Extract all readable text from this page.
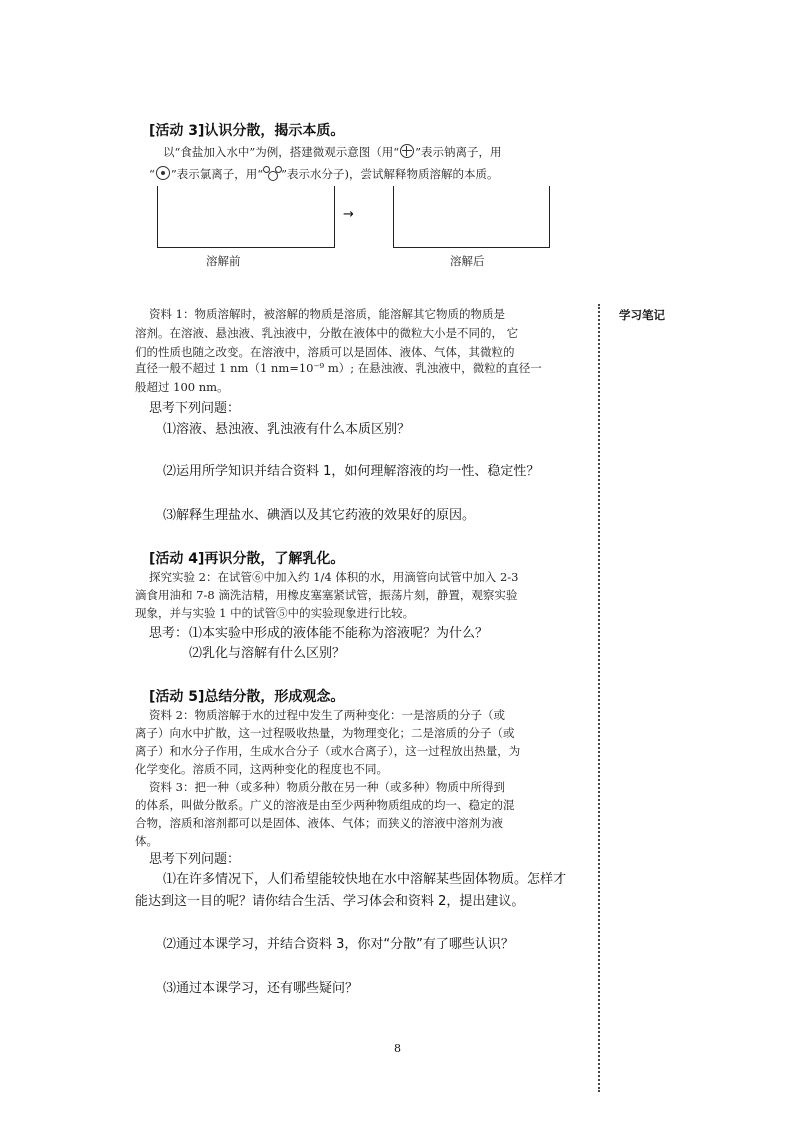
[活动 3]认识分散，揭示本质。
以“食盐加入水中”为例，搭建微观示意图（用“ ”表示钠离子，用
“ ”表示氯离子，用“ ”表示水分子)，尝试解释物质溶解的本质。
→
溶解前	溶解后
学习笔记
资料 1：物质溶解时，被溶解的物质是溶质，能溶解其它物质的物质是
溶剂。在溶液、悬浊液、乳浊液中，分散在液体中的微粒大小是不同的， 它
们的性质也随之改变。在溶液中，溶质可以是固体、液体、气体，其微粒的
直径一般不超过 1 nm（1 nm=10⁻⁹ m）; 在悬浊液、乳浊液中，微粒的直径一
般超过 100 nm。
思考下列问题：
⑴溶液、悬浊液、乳浊液有什么本质区别？
⑵运用所学知识并结合资料 1，如何理解溶液的均一性、稳定性？
⑶解释生理盐水、碘酒以及其它药液的效果好的原因。
[活动 4]再识分散，了解乳化。
探究实验 2：在试管⑥中加入约 1/4 体积的水，用滴管向试管中加入 2-3
滴食用油和 7-8 滴洗洁精，用橡皮塞塞紧试管，振荡片刻，静置，观察实验
现象，并与实验 1 中的试管⑤中的实验现象进行比较。
思考： ⑴本实验中形成的液体能不能称为溶液呢？为什么？
⑵乳化与溶解有什么区别？
[活动 5]总结分散，形成观念。
资料 2：物质溶解于水的过程中发生了两种变化：一是溶质的分子（或
离子）向水中扩散，这一过程吸收热量，为物理变化；二是溶质的分子（或
离子）和水分子作用，生成水合分子（或水合离子），这一过程放出热量，为
化学变化。溶质不同，这两种变化的程度也不同。
资料 3：把一种（或多种）物质分散在另一种（或多种）物质中所得到
的体系，叫做分散系。广义的溶液是由至少两种物质组成的均一、稳定的混
合物，溶质和溶剂都可以是固体、液体、气体；而狭义的溶液中溶剂为液
体。
思考下列问题：
⑴在许多情况下，人们希望能较快地在水中溶解某些固体物质。怎样才
能达到这一目的呢？请你结合生活、学习体会和资料 2，提出建议。
⑵通过本课学习，并结合资料 3，你对“分散”有了哪些认识？
⑶通过本课学习，还有哪些疑问？
8
